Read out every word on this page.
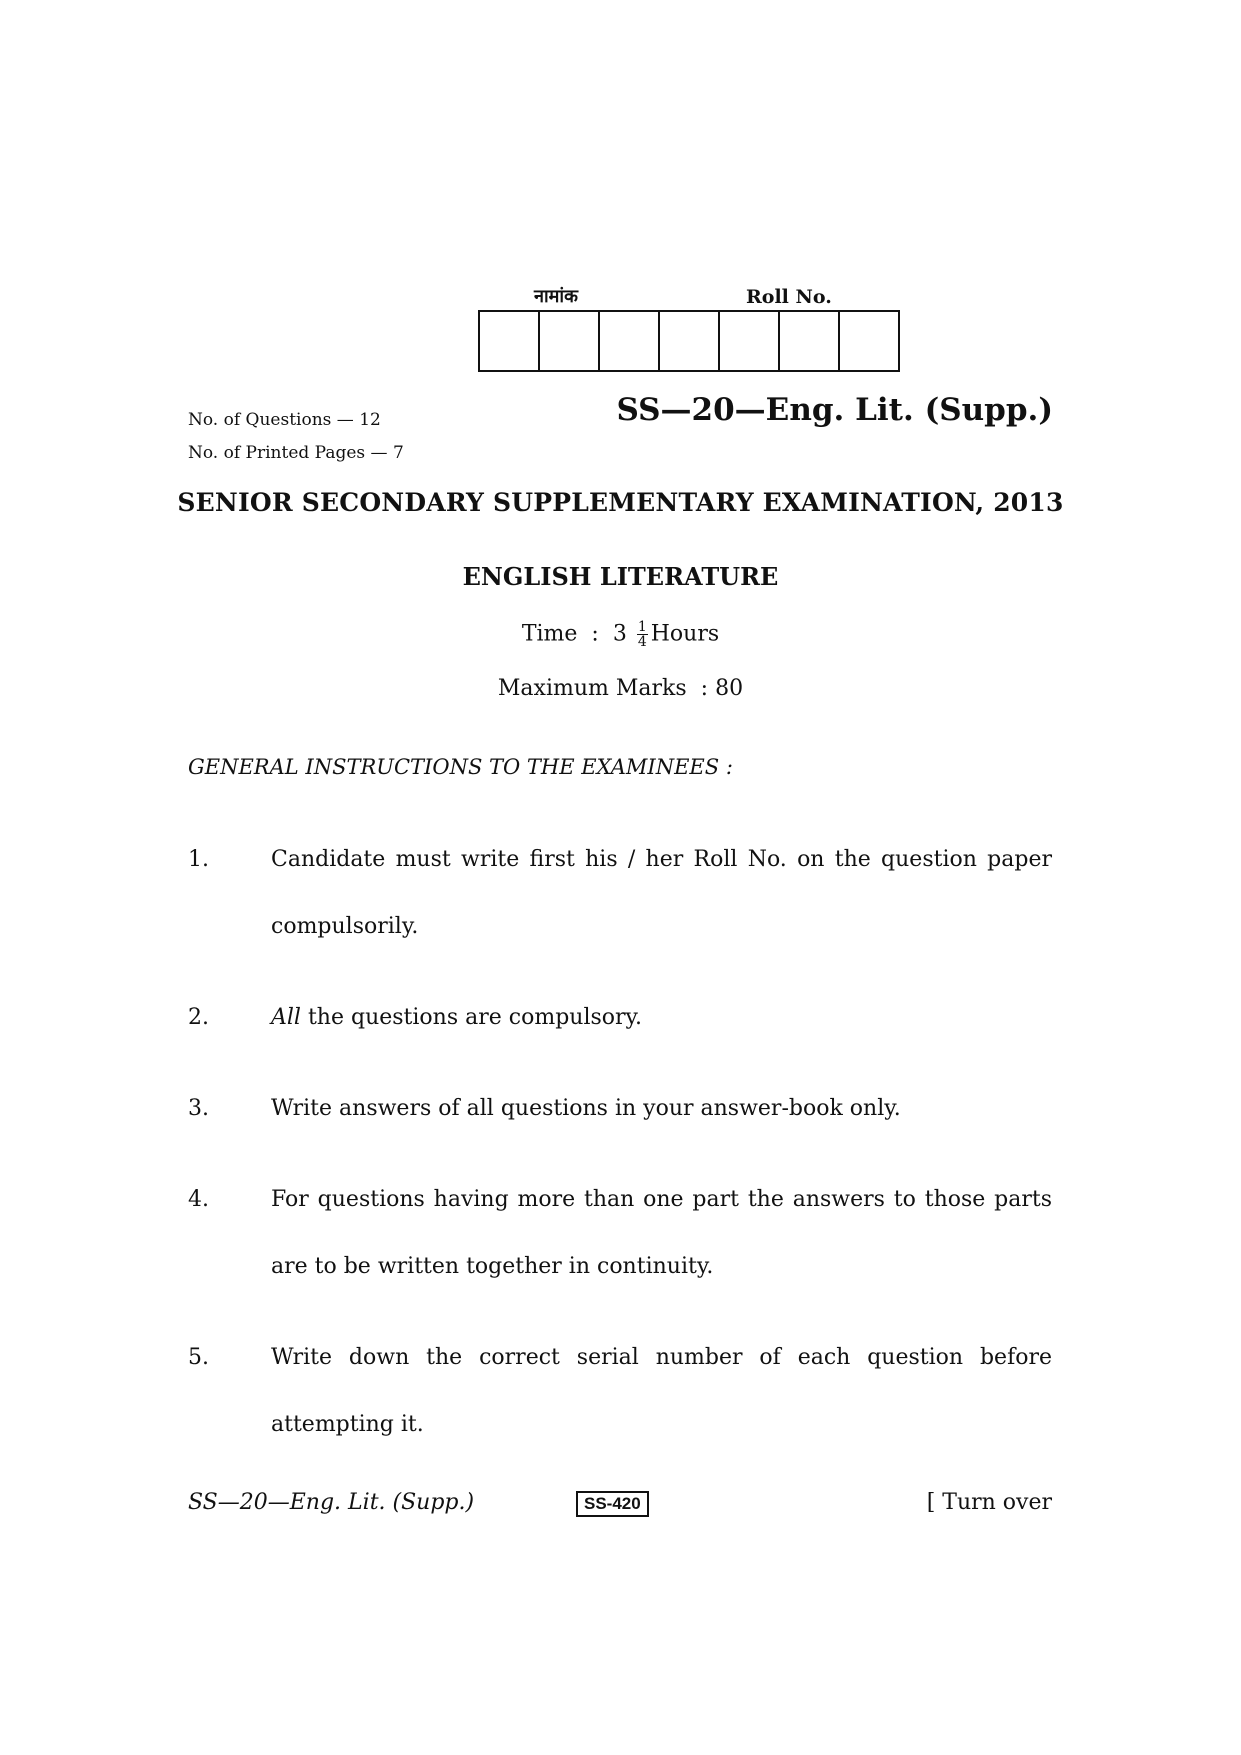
नामांक	Roll No.
No. of Questions — 12
No. of Printed Pages — 7
SS—20—Eng. Lit. (Supp.)
SENIOR SECONDARY SUPPLEMENTARY EXAMINATION, 2013
ENGLISH LITERATURE
Time  :  $3 \frac{1}{4}$ Hours
Maximum Marks : 80
GENERAL INSTRUCTIONS TO THE EXAMINEES :
1.	Candidate must write first his / her Roll No. on the question paper compulsorily.
2.	All the questions are compulsory.
3.	Write answers of all questions in your answer-book only.
4.	For questions having more than one part the answers to those parts are to be written together in continuity.
5.	Write down the correct serial number of each question before attempting it.
SS—20—Eng. Lit. (Supp.)	SS-420	[ Turn over
